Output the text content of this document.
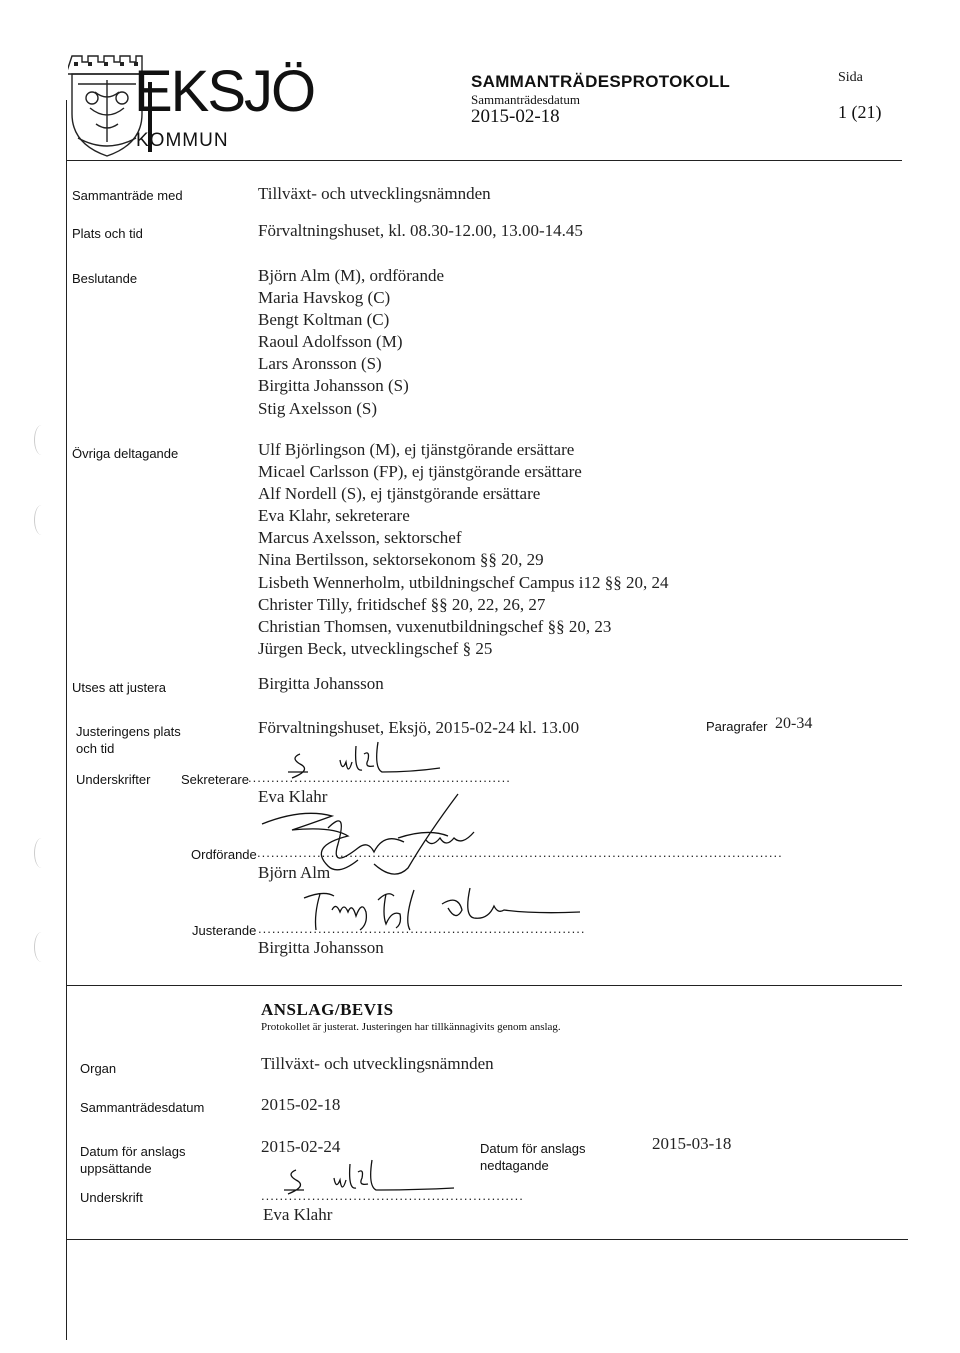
EKSJÖ
KOMMUN
SAMMANTRÄDESPROTOKOLL
Sammanträdesdatum
2015-02-18
Sida
1 (21)
Sammanträde med	Tillväxt- och utvecklingsnämnden
Plats och tid	Förvaltningshuset, kl. 08.30-12.00, 13.00-14.45
Beslutande	Björn Alm (M), ordförande
Maria Havskog (C)
Bengt Koltman (C)
Raoul Adolfsson (M)
Lars Aronsson (S)
Birgitta Johansson (S)
Stig Axelsson (S)
Övriga deltagande	Ulf Björlingson (M), ej tjänstgörande ersättare
Micael Carlsson (FP), ej tjänstgörande ersättare
Alf Nordell (S), ej tjänstgörande ersättare
Eva Klahr, sekreterare
Marcus Axelsson, sektorschef
Nina Bertilsson, sektorsekonom §§ 20, 29
Lisbeth Wennerholm, utbildningschef Campus i12 §§ 20, 24
Christer Tilly, fritidschef §§ 20, 22, 26, 27
Christian Thomsen, vuxenutbildningschef §§ 20, 23
Jürgen Beck, utvecklingschef § 25
Utses att justera	Birgitta Johansson
Justeringens plats
och tid
Förvaltningshuset, Eksjö, 2015-02-24 kl. 13.00	Paragrafer 20-34
Underskrifter Sekreterare .........................................................
Eva Klahr
Ordförande ..................................................................................................................
Björn Alm
Justerande .......................................................................
Birgitta Johansson
ANSLAG/BEVIS
Protokollet är justerat. Justeringen har tillkännagivits genom anslag.
Organ	Tillväxt- och utvecklingsnämnden
Sammanträdesdatum	2015-02-18
Datum för anslags
uppsättande
2015-02-24	Datum för anslags
nedtagande
2015-03-18
Underskrift	.........................................................
Eva Klahr
